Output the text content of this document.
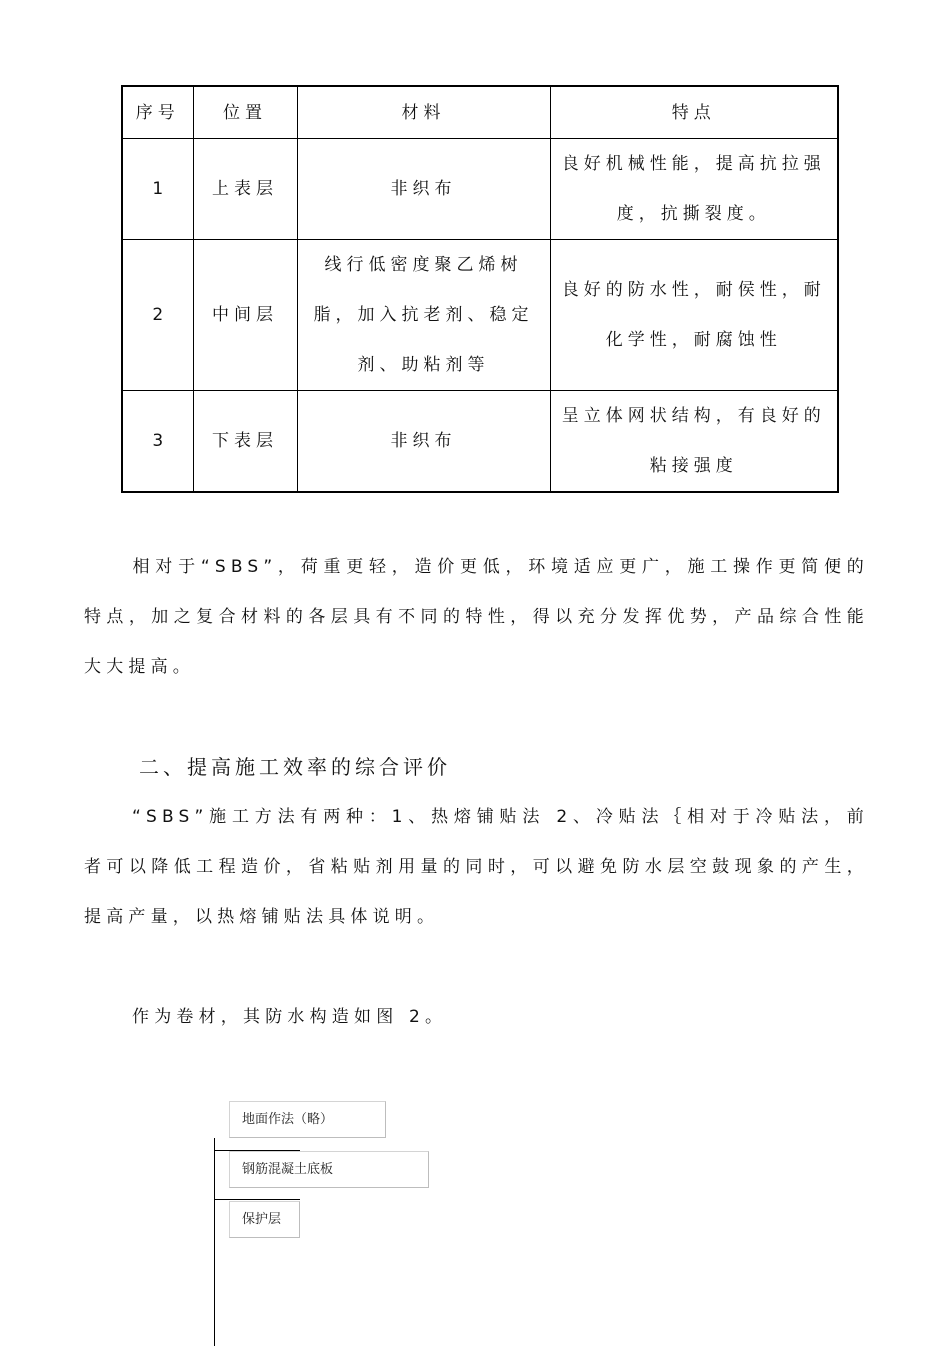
序号	位置	材料	特点
1	上表层	非织布	良好机械性能，提高抗拉强度，抗撕裂度。
2	中间层	线行低密度聚乙烯树脂，加入抗老剂、稳定剂、助粘剂等	良好的防水性，耐侯性，耐化学性，耐腐蚀性
3	下表层	非织布	呈立体网状结构，有良好的粘接强度

相对于“SBS”，荷重更轻，造价更低，环境适应更广，施工操作更简便的特点，加之复合材料的各层具有不同的特性，得以充分发挥优势，产品综合性能大大提高。

二、提高施工效率的综合评价

“SBS”施工方法有两种：1、热熔铺贴法 2、冷贴法｛相对于冷贴法，前者可以降低工程造价，省粘贴剂用量的同时，可以避免防水层空鼓现象的产生，提高产量，以热熔铺贴法具体说明。

作为卷材，其防水构造如图 2。

地面作法（略）
钢筋混凝土底板
保护层
